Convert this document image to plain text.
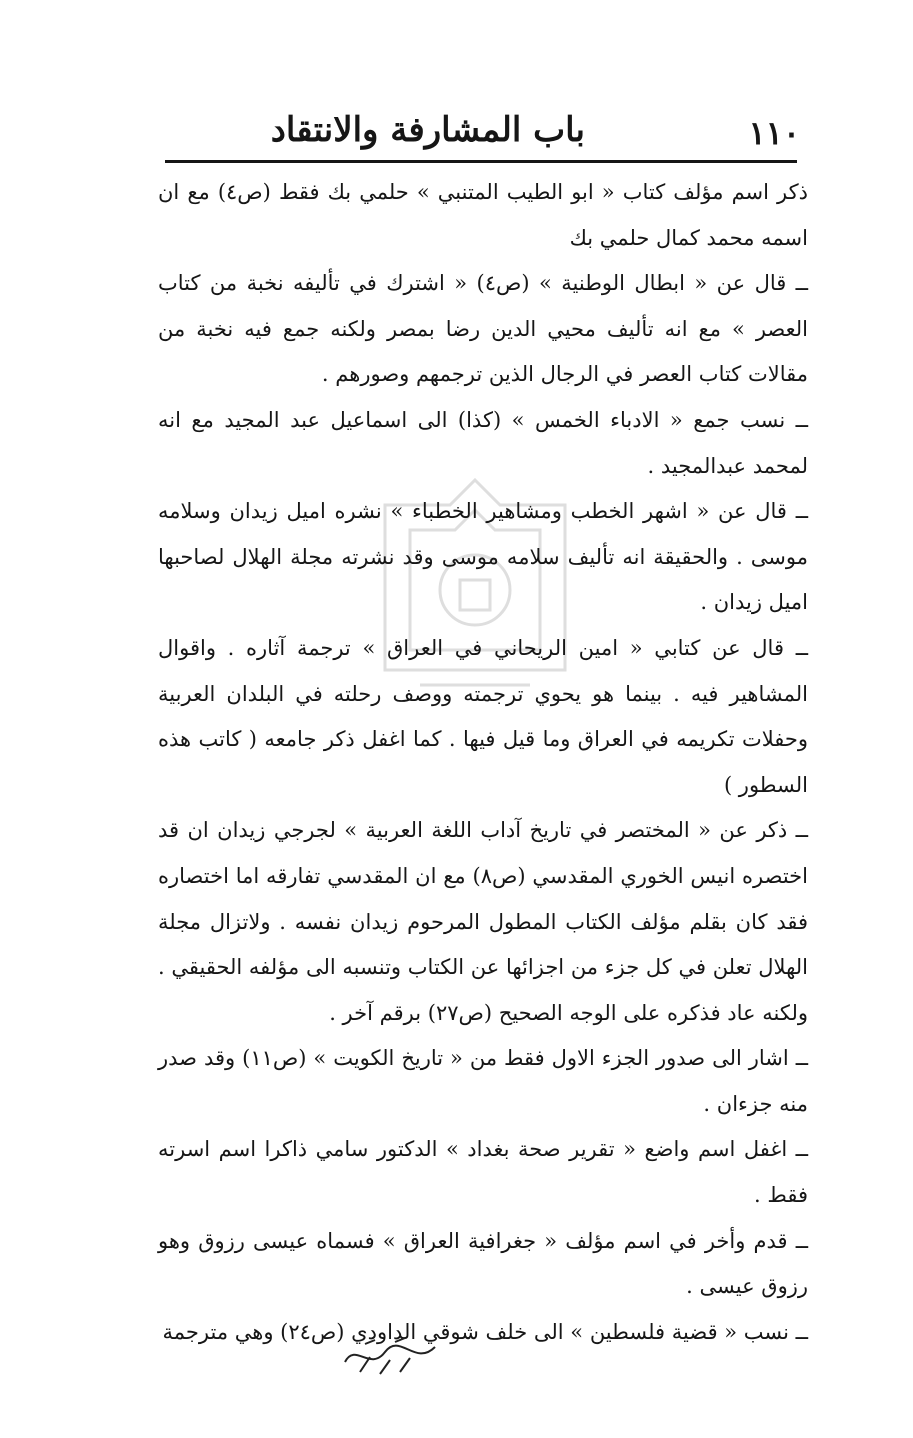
١١٠
باب المشارفة والانتقاد

ذكر اسم مؤلف كتاب « ابو الطيب المتنبي » حلمي بك فقط (ص٤) مع ان اسمه محمد كمال حلمي بك

ــ قال عن « ابطال الوطنية » (ص٤) « اشترك في تأليفه نخبة من كتاب العصر » مع انه تأليف محيي الدين رضا بمصر ولكنه جمع فيه نخبة من مقالات كتاب العصر في الرجال الذين ترجمهم وصورهم .

ــ نسب جمع « الادباء الخمس » (كذا) الى اسماعيل عبد المجيد مع انه لمحمد عبدالمجيد .

ــ قال عن « اشهر الخطب ومشاهير الخطباء » نشره اميل زيدان وسلامه موسى . والحقيقة انه تأليف سلامه موسى وقد نشرته مجلة الهلال لصاحبها اميل زيدان .

ــ قال عن كتابي « امين الريحاني في العراق » ترجمة آثاره . واقوال المشاهير فيه . بينما هو يحوي ترجمته ووصف رحلته في البلدان العربية وحفلات تكريمه في العراق وما قيل فيها . كما اغفل ذكر جامعه ( كاتب هذه السطور )

ــ ذكر عن « المختصر في تاريخ آداب اللغة العربية » لجرجي زيدان ان قد اختصره انيس الخوري المقدسي (ص٨) مع ان المقدسي تفارقه اما اختصاره فقد كان بقلم مؤلف الكتاب المطول المرحوم زيدان نفسه . ولاتزال مجلة الهلال تعلن في كل جزء من اجزائها عن الكتاب وتنسبه الى مؤلفه الحقيقي . ولكنه عاد فذكره على الوجه الصحيح (ص٢٧) برقم آخر .

ــ اشار الى صدور الجزء الاول فقط من « تاريخ الكويت » (ص١١) وقد صدر منه جزءان .

ــ اغفل اسم واضع « تقرير صحة بغداد » الدكتور سامي ذاكرا اسم اسرته فقط .

ــ قدم وأخر في اسم مؤلف « جغرافية العراق » فسماه عيسى رزوق وهو رزوق عيسى .

ــ نسب « قضية فلسطين » الى خلف شوقي الداودي (ص٢٤) وهي مترجمة
